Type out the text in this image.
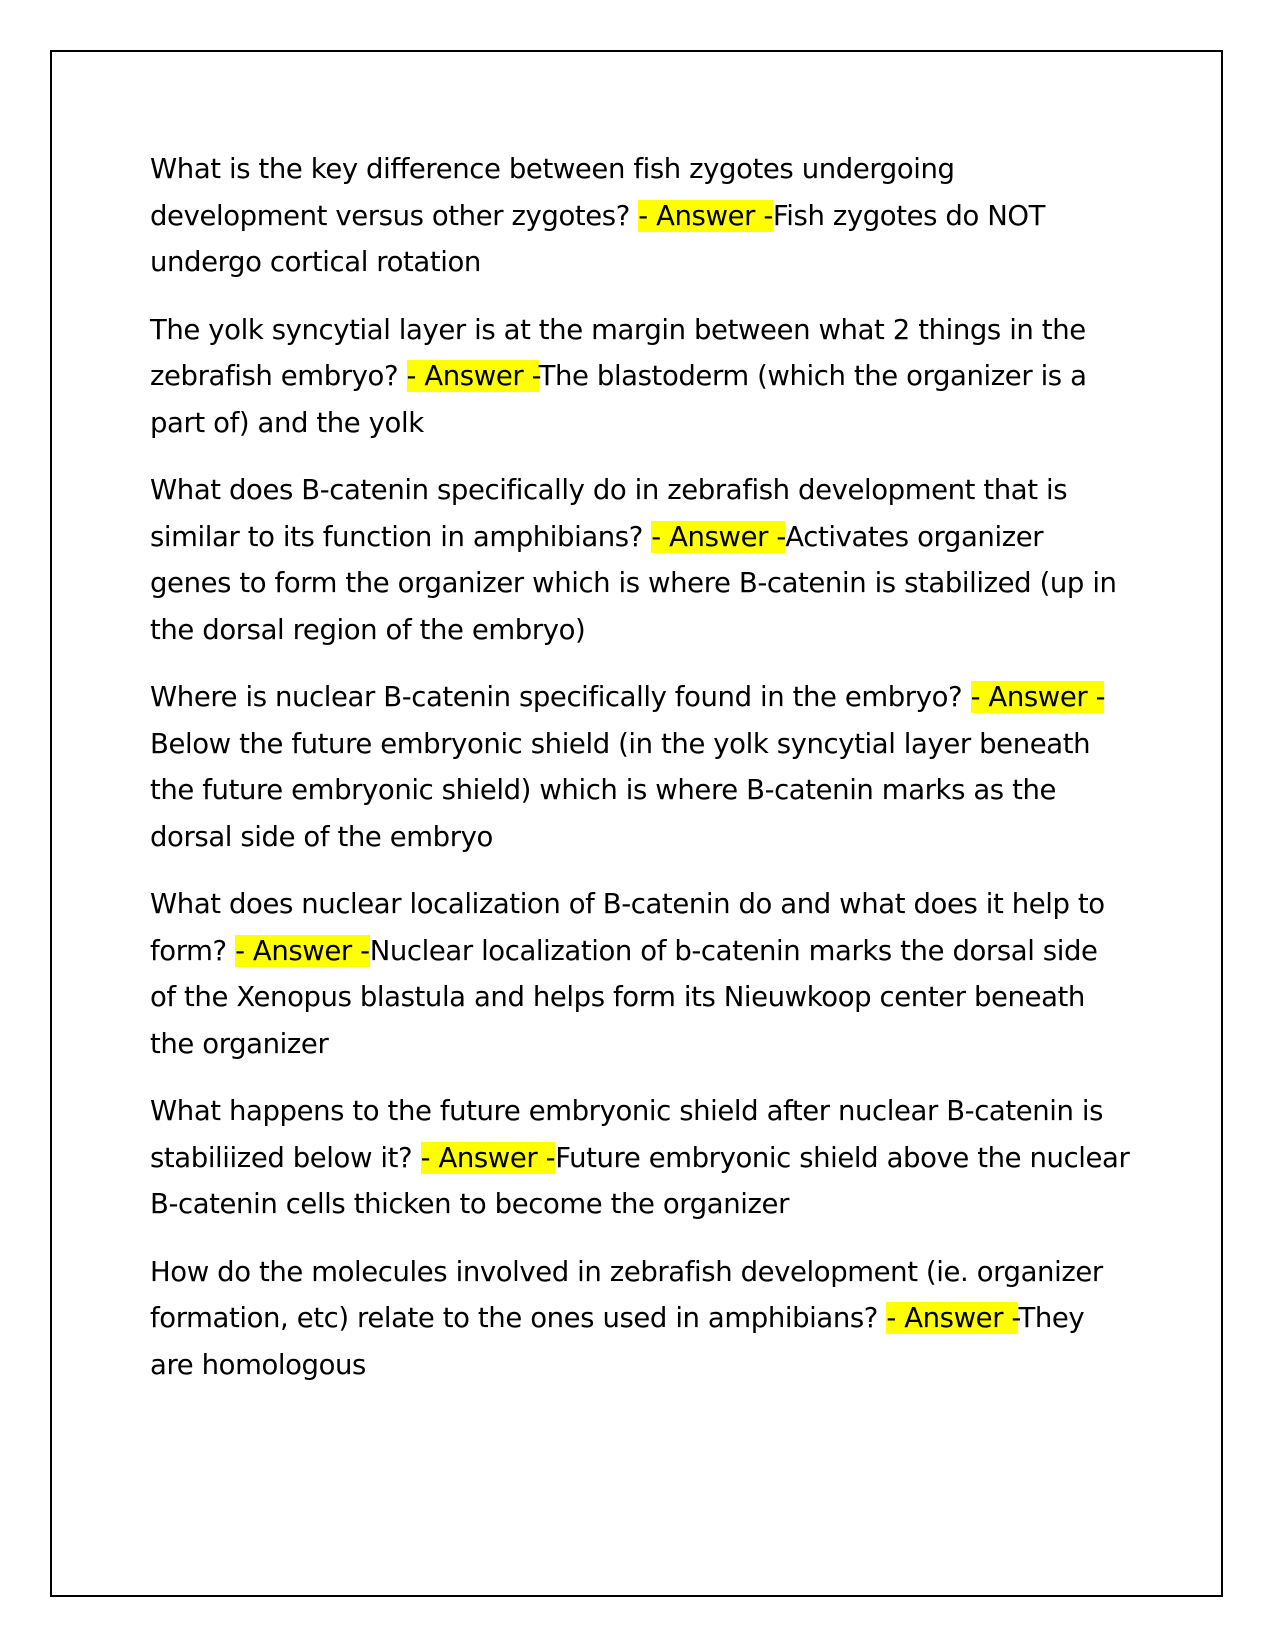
What is the key difference between fish zygotes undergoing development versus other zygotes? - Answer -Fish zygotes do NOT undergo cortical rotation

The yolk syncytial layer is at the margin between what 2 things in the zebrafish embryo? - Answer -The blastoderm (which the organizer is a part of) and the yolk

What does B-catenin specifically do in zebrafish development that is similar to its function in amphibians? - Answer -Activates organizer genes to form the organizer which is where B-catenin is stabilized (up in the dorsal region of the embryo)

Where is nuclear B-catenin specifically found in the embryo? - Answer -Below the future embryonic shield (in the yolk syncytial layer beneath the future embryonic shield) which is where B-catenin marks as the dorsal side of the embryo

What does nuclear localization of B-catenin do and what does it help to form? - Answer -Nuclear localization of b-catenin marks the dorsal side of the Xenopus blastula and helps form its Nieuwkoop center beneath the organizer

What happens to the future embryonic shield after nuclear B-catenin is stabiliized below it? - Answer -Future embryonic shield above the nuclear B-catenin cells thicken to become the organizer

How do the molecules involved in zebrafish development (ie. organizer formation, etc) relate to the ones used in amphibians? - Answer -They are homologous
